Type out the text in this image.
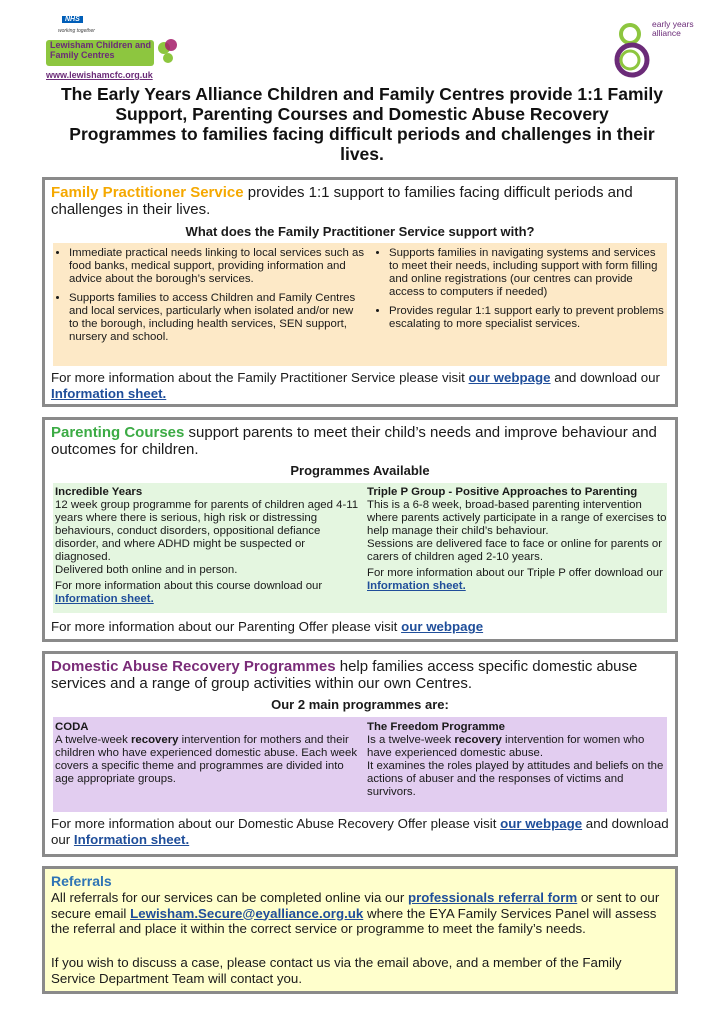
NHS
working together
Lewisham Children and Family Centres
www.lewishamcfc.org.uk
early years alliance
The Early Years Alliance Children and Family Centres provide 1:1 Family Support, Parenting Courses and Domestic Abuse Recovery Programmes to families facing difficult periods and challenges in their lives.
Family Practitioner Service provides 1:1 support to families facing difficult periods and challenges in their lives.
What does the Family Practitioner Service support with?
• Immediate practical needs linking to local services such as food banks, medical support, providing information and advice about the borough’s services.
• Supports families to access Children and Family Centres and local services, particularly when isolated and/or new to the borough, including health services, SEN support, nursery and school.
• Supports families in navigating systems and services to meet their needs, including support with form filling and online registrations (our centres can provide access to computers if needed)
• Provides regular 1:1 support early to prevent problems escalating to more specialist services.
For more information about the Family Practitioner Service please visit our webpage and download our Information sheet.
Parenting Courses support parents to meet their child’s needs and improve behaviour and outcomes for children.
Programmes Available
Incredible Years
12 week group programme for parents of children aged 4-11 years where there is serious, high risk or distressing behaviours, conduct disorders, oppositional defiance disorder, and where ADHD might be suspected or diagnosed.
Delivered both online and in person.
For more information about this course download our Information sheet.
Triple P Group - Positive Approaches to Parenting
This is a 6-8 week, broad-based parenting intervention where parents actively participate in a range of exercises to help manage their child’s behaviour.
Sessions are delivered face to face or online for parents or carers of children aged 2-10 years.
For more information about our Triple P offer download our Information sheet.
For more information about our Parenting Offer please visit our webpage
Domestic Abuse Recovery Programmes help families access specific domestic abuse services and a range of group activities within our own Centres.
Our 2 main programmes are:
CODA
A twelve-week recovery intervention for mothers and their children who have experienced domestic abuse. Each week covers a specific theme and programmes are divided into age appropriate groups.
The Freedom Programme
Is a twelve-week recovery intervention for women who have experienced domestic abuse.
It examines the roles played by attitudes and beliefs on the actions of abuser and the responses of victims and survivors.
For more information about our Domestic Abuse Recovery Offer please visit our webpage and download our Information sheet.
Referrals
All referrals for our services can be completed online via our professionals referral form or sent to our secure email Lewisham.Secure@eyalliance.org.uk where the EYA Family Services Panel will assess the referral and place it within the correct service or programme to meet the family’s needs.
If you wish to discuss a case, please contact us via the email above, and a member of the Family Service Department Team will contact you.
